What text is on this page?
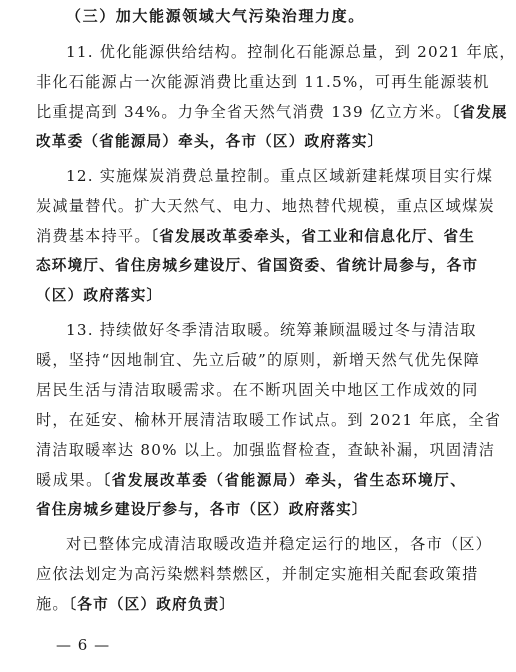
（三）加大能源领域大气污染治理力度。
11. 优化能源供给结构。控制化石能源总量，到 2021 年底，
非化石能源占一次能源消费比重达到 11.5%，可再生能源装机
比重提高到 34%。力争全省天然气消费 139 亿立方米。〔省发展
改革委（省能源局）牵头，各市（区）政府落实〕
12. 实施煤炭消费总量控制。重点区域新建耗煤项目实行煤
炭减量替代。扩大天然气、电力、地热替代规模，重点区域煤炭
消费基本持平。〔省发展改革委牵头，省工业和信息化厅、省生
态环境厅、省住房城乡建设厅、省国资委、省统计局参与，各市
（区）政府落实〕
13. 持续做好冬季清洁取暖。统筹兼顾温暖过冬与清洁取
暖，坚持“因地制宜、先立后破”的原则，新增天然气优先保障
居民生活与清洁取暖需求。在不断巩固关中地区工作成效的同
时，在延安、榆林开展清洁取暖工作试点。到 2021 年底，全省
清洁取暖率达 80% 以上。加强监督检查，查缺补漏，巩固清洁
暖成果。〔省发展改革委（省能源局）牵头，省生态环境厅、
省住房城乡建设厅参与，各市（区）政府落实〕
对已整体完成清洁取暖改造并稳定运行的地区，各市（区）
应依法划定为高污染燃料禁燃区，并制定实施相关配套政策措
施。〔各市（区）政府负责〕
— 6 —
